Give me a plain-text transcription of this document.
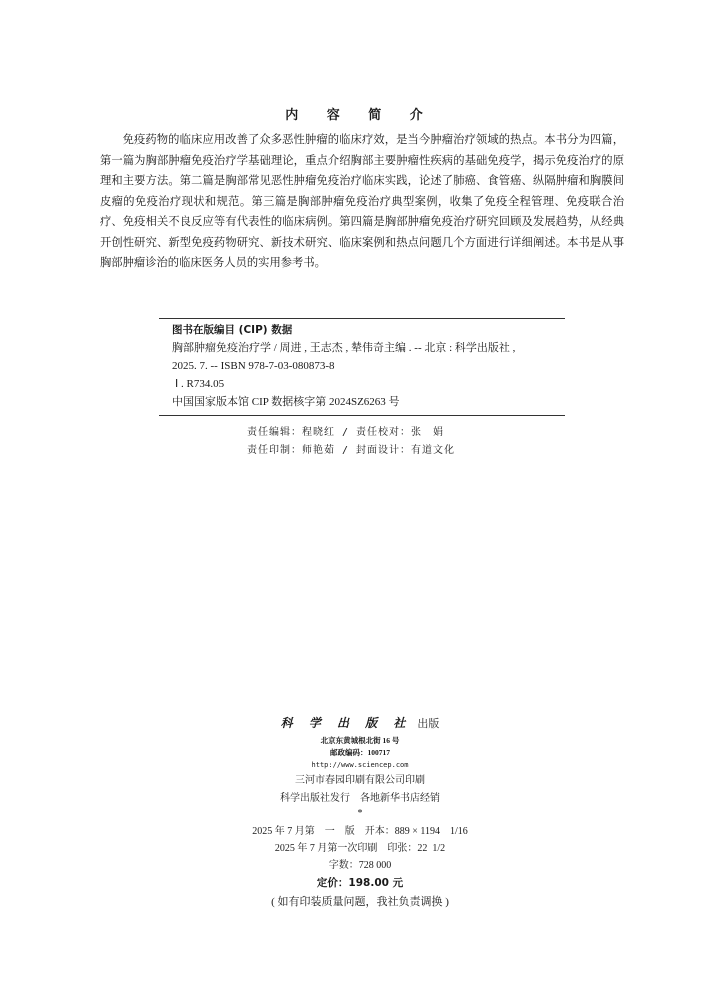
内 容 简 介

免疫药物的临床应用改善了众多恶性肿瘤的临床疗效，是当今肿瘤治疗领域的热点。本书分为四篇，第一篇为胸部肿瘤免疫治疗学基础理论，重点介绍胸部主要肿瘤性疾病的基础免疫学，揭示免疫治疗的原理和主要方法。第二篇是胸部常见恶性肿瘤免疫治疗临床实践，论述了肺癌、食管癌、纵隔肿瘤和胸膜间皮瘤的免疫治疗现状和规范。第三篇是胸部肿瘤免疫治疗典型案例，收集了免疫全程管理、免疫联合治疗、免疫相关不良反应等有代表性的临床病例。第四篇是胸部肿瘤免疫治疗研究回顾及发展趋势，从经典开创性研究、新型免疫药物研究、新技术研究、临床案例和热点问题几个方面进行详细阐述。本书是从事胸部肿瘤诊治的临床医务人员的实用参考书。

图书在版编目 (CIP) 数据
胸部肿瘤免疫治疗学 / 周进 , 王志杰 , 辇伟奇主编 . -- 北京 : 科学出版社 ,
2025. 7. -- ISBN 978-7-03-080873-8
Ⅰ . R734.05
中国国家版本馆 CIP 数据核字第 2024SZ6263 号
责任编辑：程晓红 / 责任校对：张　娟
责任印制：师艳茹 / 封面设计：有道文化
科 学 出 版 社 出版
北京东黄城根北街 16 号
邮政编码：100717
http://www.sciencep.com
三河市春园印刷有限公司印刷
科学出版社发行　各地新华书店经销
*
2025 年 7 月第　一　版　开本：889 × 1194　1/16
2025 年 7 月第一次印刷　印张：22  1/2
字数：728 000
定价：198.00 元
( 如有印装质量问题，我社负责调换 )
